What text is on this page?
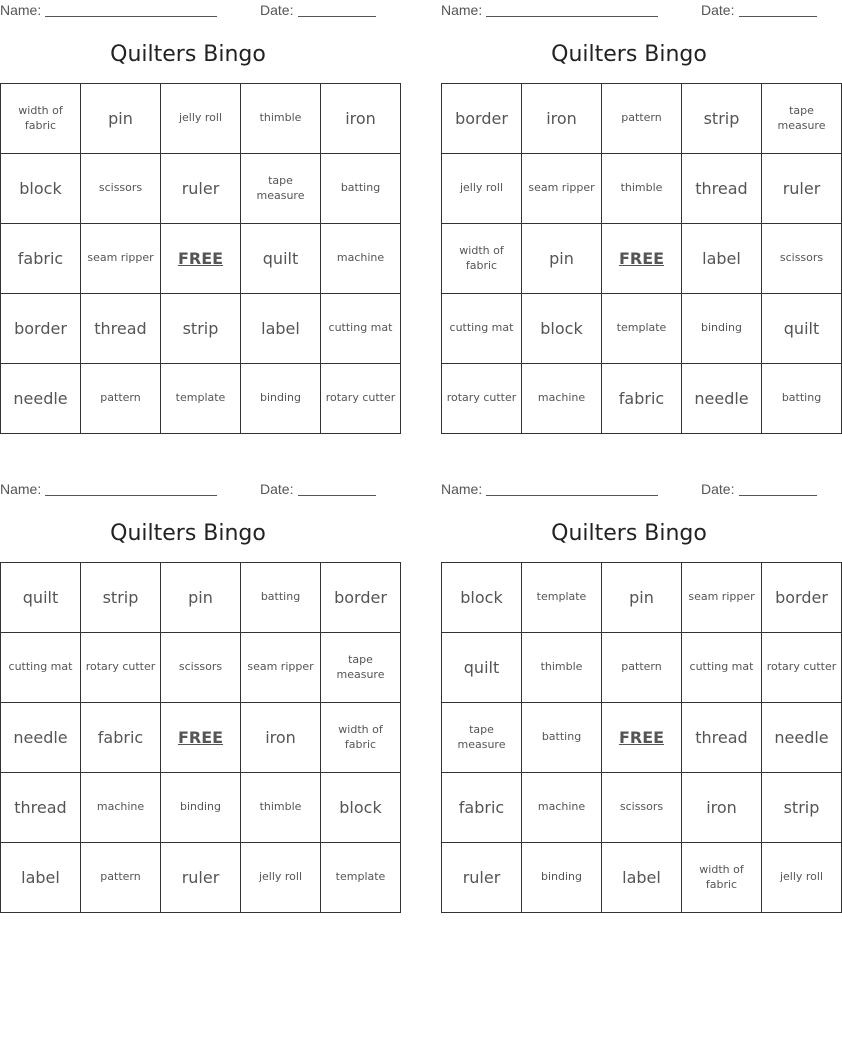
Name:	Date:
Quilters Bingo
width of fabric	pin	jelly roll	thimble	iron
block	scissors	ruler	tape measure	batting
fabric	seam ripper	FREE	quilt	machine
border	thread	strip	label	cutting mat
needle	pattern	template	binding	rotary cutter
Name:	Date:
Quilters Bingo
border	iron	pattern	strip	tape measure
jelly roll	seam ripper	thimble	thread	ruler
width of fabric	pin	FREE	label	scissors
cutting mat	block	template	binding	quilt
rotary cutter	machine	fabric	needle	batting
Name:	Date:
Quilters Bingo
quilt	strip	pin	batting	border
cutting mat	rotary cutter	scissors	seam ripper	tape measure
needle	fabric	FREE	iron	width of fabric
thread	machine	binding	thimble	block
label	pattern	ruler	jelly roll	template
Name:	Date:
Quilters Bingo
block	template	pin	seam ripper	border
quilt	thimble	pattern	cutting mat	rotary cutter
tape measure	batting	FREE	thread	needle
fabric	machine	scissors	iron	strip
ruler	binding	label	width of fabric	jelly roll
